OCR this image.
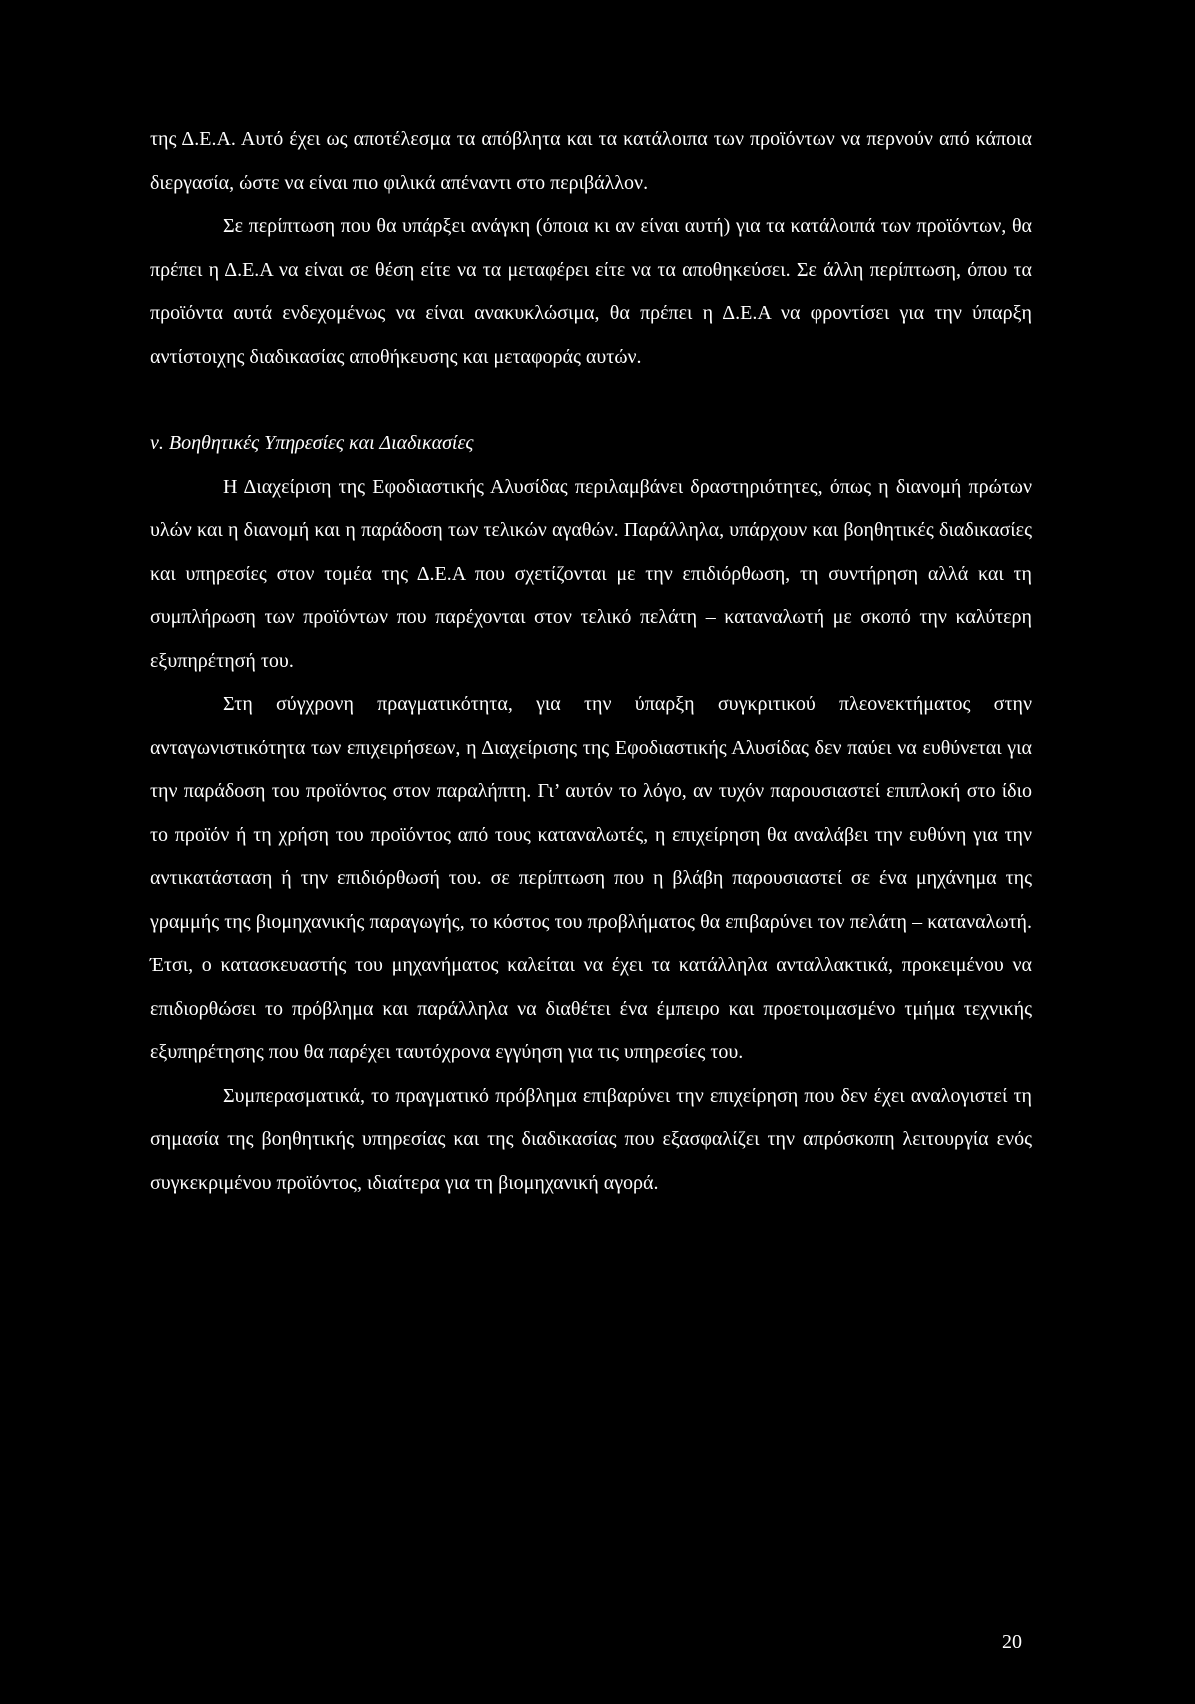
της Δ.Ε.Α. Αυτό έχει ως αποτέλεσμα τα απόβλητα και τα κατάλοιπα των προϊόντων να περνούν από κάποια διεργασία, ώστε να είναι πιο φιλικά απέναντι στο περιβάλλον.

Σε περίπτωση που θα υπάρξει ανάγκη (όποια κι αν είναι αυτή) για τα κατάλοιπά των προϊόντων, θα πρέπει η Δ.Ε.Α να είναι σε θέση είτε να τα μεταφέρει είτε να τα αποθηκεύσει. Σε άλλη περίπτωση, όπου τα προϊόντα αυτά ενδεχομένως να είναι ανακυκλώσιμα, θα πρέπει η Δ.Ε.Α να φροντίσει για την ύπαρξη αντίστοιχης διαδικασίας αποθήκευσης και μεταφοράς αυτών.

ν. Βοηθητικές Υπηρεσίες και Διαδικασίες

Η Διαχείριση της Εφοδιαστικής Αλυσίδας περιλαμβάνει δραστηριότητες, όπως η διανομή πρώτων υλών και η διανομή και η παράδοση των τελικών αγαθών. Παράλληλα, υπάρχουν και βοηθητικές διαδικασίες και υπηρεσίες στον τομέα της Δ.Ε.Α που σχετίζονται με την επιδιόρθωση, τη συντήρηση αλλά και τη συμπλήρωση των προϊόντων που παρέχονται στον τελικό πελάτη – καταναλωτή με σκοπό την καλύτερη εξυπηρέτησή του.

Στη σύγχρονη πραγματικότητα, για την ύπαρξη συγκριτικού πλεονεκτήματος στην ανταγωνιστικότητα των επιχειρήσεων, η Διαχείρισης της Εφοδιαστικής Αλυσίδας δεν παύει να ευθύνεται για την παράδοση του προϊόντος στον παραλήπτη. Γι’ αυτόν το λόγο, αν τυχόν παρουσιαστεί επιπλοκή στο ίδιο το προϊόν ή τη χρήση του προϊόντος από τους καταναλωτές, η επιχείρηση θα αναλάβει την ευθύνη για την αντικατάσταση ή την επιδιόρθωσή του. σε περίπτωση που η βλάβη παρουσιαστεί σε ένα μηχάνημα της γραμμής της βιομηχανικής παραγωγής, το κόστος του προβλήματος θα επιβαρύνει τον πελάτη – καταναλωτή. Έτσι, ο κατασκευαστής του μηχανήματος καλείται να έχει τα κατάλληλα ανταλλακτικά, προκειμένου να επιδιορθώσει το πρόβλημα και παράλληλα να διαθέτει ένα έμπειρο και προετοιμασμένο τμήμα τεχνικής εξυπηρέτησης που θα παρέχει ταυτόχρονα εγγύηση για τις υπηρεσίες του.

Συμπερασματικά, το πραγματικό πρόβλημα επιβαρύνει την επιχείρηση που δεν έχει αναλογιστεί τη σημασία της βοηθητικής υπηρεσίας και της διαδικασίας που εξασφαλίζει την απρόσκοπη λειτουργία ενός συγκεκριμένου προϊόντος, ιδιαίτερα για τη βιομηχανική αγορά.

20
